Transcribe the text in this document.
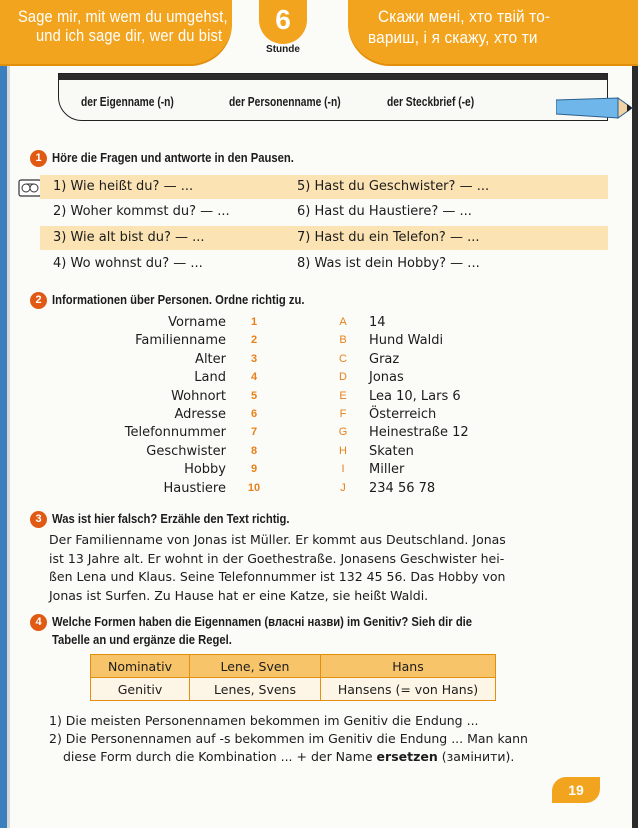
Sage mir, mit wem du umgehst,
und ich sage dir, wer du bist
6
Stunde
Скажи мені, хто твій то-
вариш, і я скажу, хто ти
der Eigenname (-n)	der Personenname (-n)	der Steckbrief (-e)
1 Höre die Fragen und antworte in den Pausen.
1) Wie heißt du? — ...
2) Woher kommst du? — ...
3) Wie alt bist du? — ...
4) Wo wohnst du? — ...
5) Hast du Geschwister? — ...
6) Hast du Haustiere? — ...
7) Hast du ein Telefon? — ...
8) Was ist dein Hobby? — ...
2 Informationen über Personen. Ordne richtig zu.
Vorname	1	A	14
Familienname	2	B	Hund Waldi
Alter	3	C	Graz
Land	4	D	Jonas
Wohnort	5	E	Lea 10, Lars 6
Adresse	6	F	Österreich
Telefonnummer	7	G	Heinestraße 12
Geschwister	8	H	Skaten
Hobby	9	I	Miller
Haustiere	10	J	234 56 78
3 Was ist hier falsch? Erzähle den Text richtig.
Der Familienname von Jonas ist Müller. Er kommt aus Deutschland. Jonas
ist 13 Jahre alt. Er wohnt in der Goethestraße. Jonasens Geschwister hei-
ßen Lena und Klaus. Seine Telefonnummer ist 132 45 56. Das Hobby von
Jonas ist Surfen. Zu Hause hat er eine Katze, sie heißt Waldi.
4 Welche Formen haben die Eigennamen (власні назви) im Genitiv? Sieh dir die
Tabelle an und ergänze die Regel.
Nominativ	Lene, Sven	Hans
Genitiv	Lenes, Svens	Hansens (= von Hans)
1) Die meisten Personennamen bekommen im Genitiv die Endung ...
2) Die Personennamen auf -s bekommen im Genitiv die Endung ... Man kann
diese Form durch die Kombination ... + der Name ersetzen (замінити).
19
